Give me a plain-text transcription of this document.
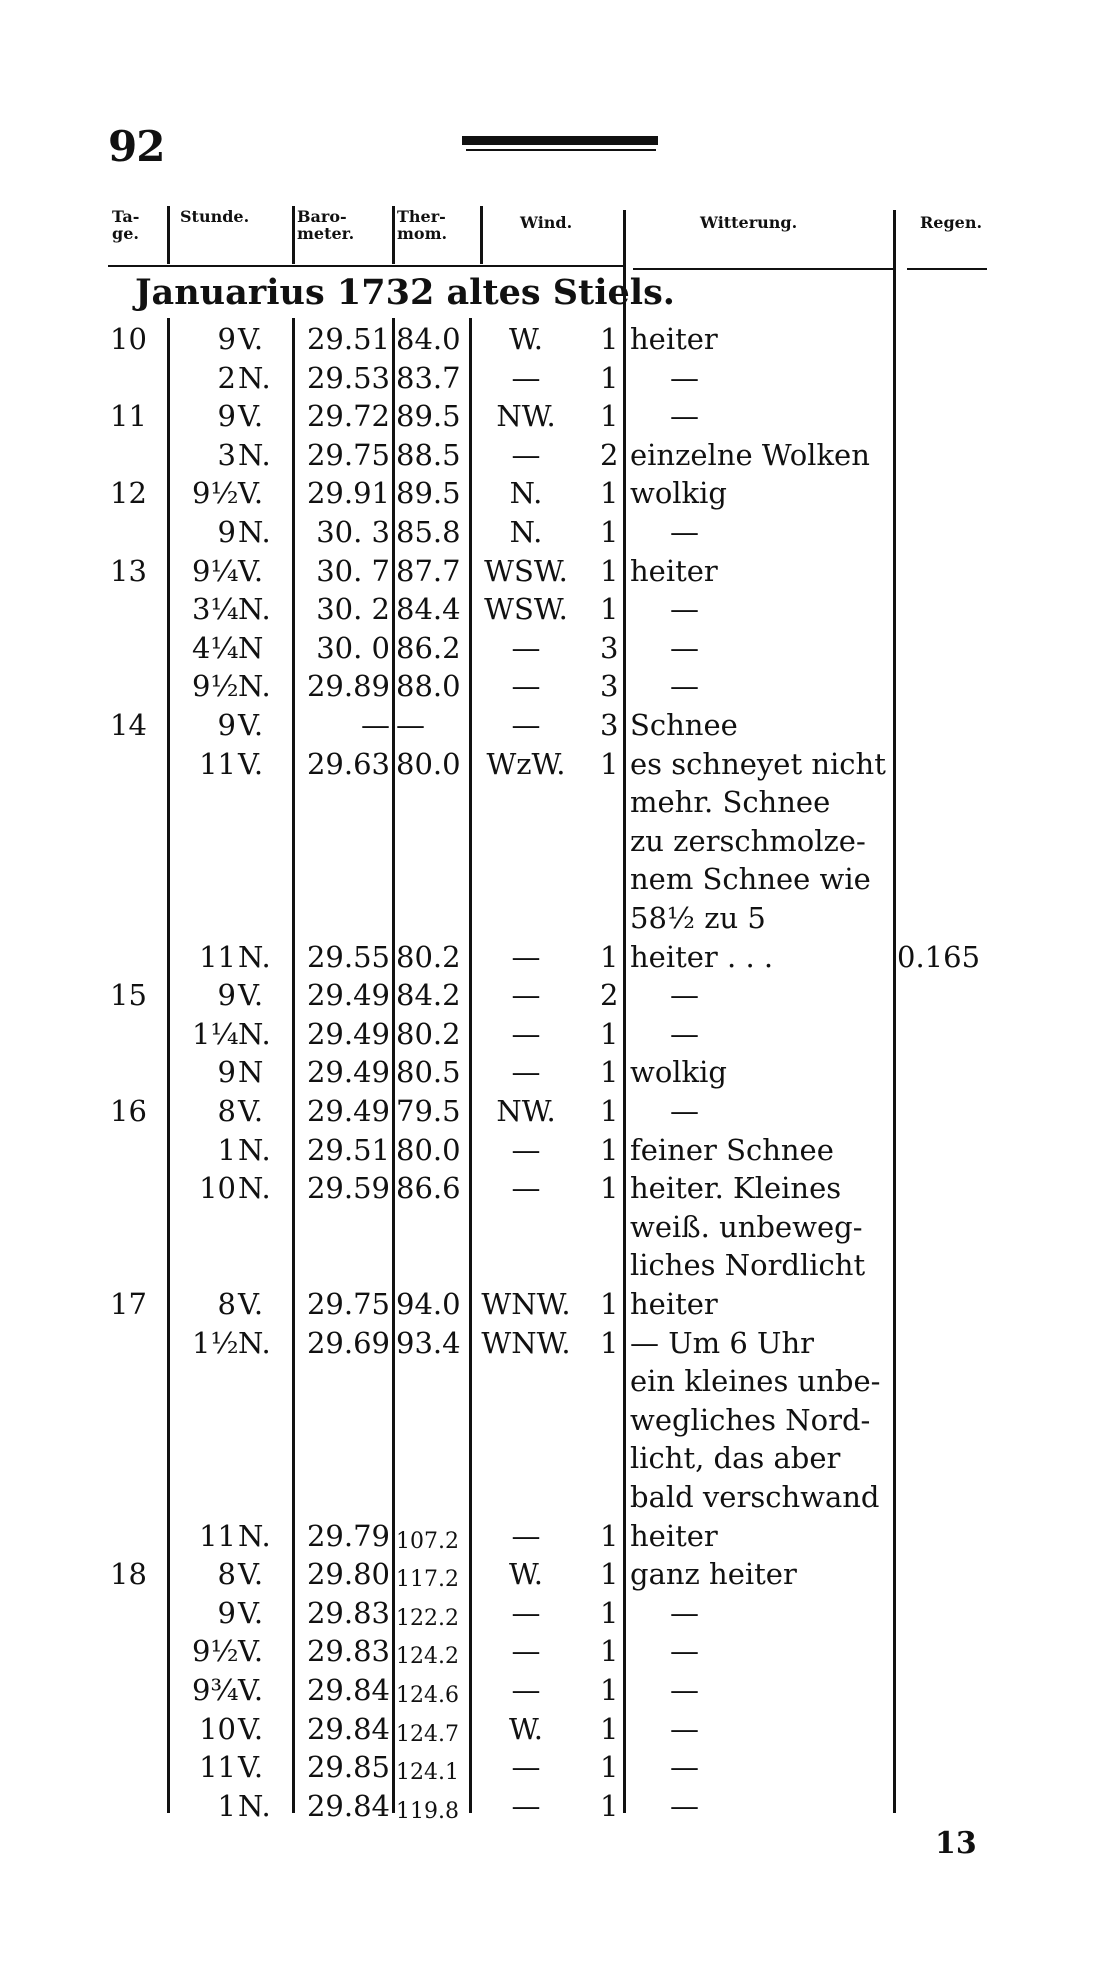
92
Ta-
ge.
Stunde.	Baro-
meter.
Ther-
mom.
Wind.	Witterung.	Regen.
Januarius 1732 altes Stiels.
10	9 V.	29.51 84.0	W.	1 heiter
2 N.	29.53 83.7	—	1 —
11	9 V.	29.72 89.5	NW.	1 —
3 N.	29.75 88.5	—	2 einzelne Wolken
12 9½ V.	29.91 89.5	N.	1 wolkig
9 N.	30. 3 85.8	N.	1 —
13 9¼ V.	30. 7 87.7 WSW.	1 heiter
3¼ N.	30. 2 84.4 WSW.	1 —
4¼ N	30. 0 86.2	—	3 —
9½ N.	29.89 88.0	—	3 —
14	9 V.	— —	—	3 Schnee
11 V.	29.63 80.0 WzW.	1 es schneyet nicht
mehr. Schnee
zu zerschmolze-
nem Schnee wie
58½ zu 5
11 N.	29.55 80.2	—	1 heiter . . .	0.165
15	9 V.	29.49 84.2	—	2 —
1¼ N.	29.49 80.2	—	1 —
9 N	29.49 80.5	—	1 wolkig
16	8 V.	29.49 79.5	NW.	1 —
1 N.	29.51 80.0	—	1 feiner Schnee
10 N.	29.59 86.6	—	1 heiter. Kleines
weiß. unbeweg-
liches Nordlicht
17	8 V.	29.75 94.0 WNW.	1 heiter
1½ N.	29.69 93.4 WNW.	1 — Um 6 Uhr
ein kleines unbe-
wegliches Nord-
licht, das aber
bald verschwand
11 N.	29.79 107.2	—	1 heiter
18	8 V.	29.80 117.2	W.	1 ganz heiter
9 V.	29.83 122.2	—	1 —
9½ V.	29.83 124.2	—	1 —
9¾ V.	29.84 124.6	—	1 —
10 V.	29.84 124.7	W.	1 —
11 V.	29.85 124.1	—	1 —
1 N.	29.84 119.8	—	1 —
13
